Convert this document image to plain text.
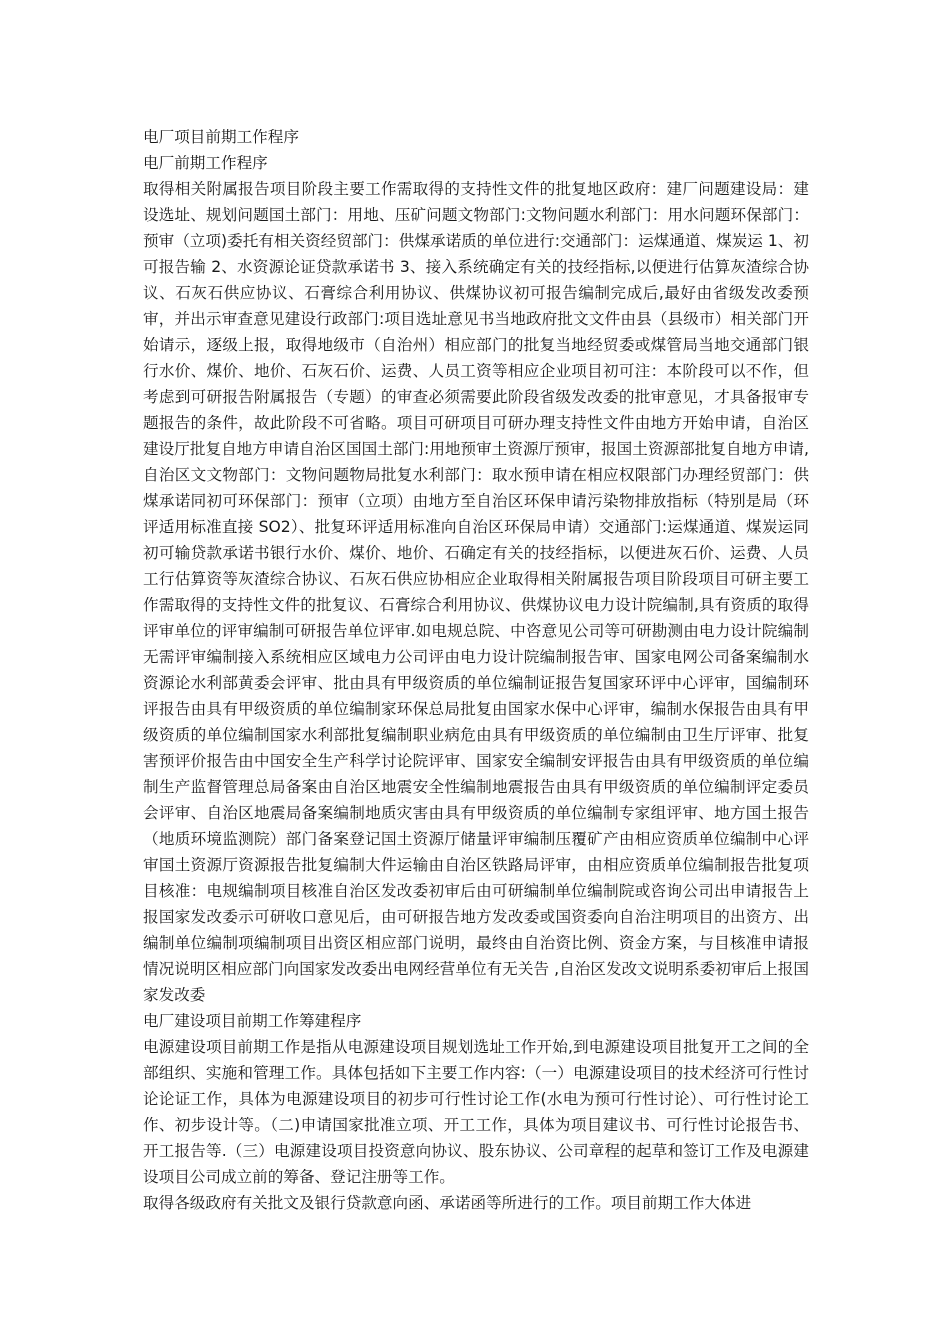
电厂项目前期工作程序
电厂前期工作程序

取得相关附属报告项目阶段主要工作需取得的支持性文件的批复地区政府：建厂问题建设局：建设选址、规划问题国土部门：用地、压矿问题文物部门:文物问题水利部门：用水问题环保部门：预审（立项)委托有相关资经贸部门：供煤承诺质的单位进行:交通部门：运煤通道、煤炭运 1、初可报告输 2、水资源论证贷款承诺书 3、接入系统确定有关的技经指标,以便进行估算灰渣综合协议、石灰石供应协议、石膏综合利用协议、供煤协议初可报告编制完成后,最好由省级发改委预审，并出示审查意见建设行政部门:项目选址意见书当地政府批文文件由县（县级市）相关部门开始请示，逐级上报，取得地级市（自治州）相应部门的批复当地经贸委或煤管局当地交通部门银行水价、煤价、地价、石灰石价、运费、人员工资等相应企业项目初可注：本阶段可以不作，但考虑到可研报告附属报告（专题）的审查必须需要此阶段省级发改委的批审意见，才具备报审专题报告的条件，故此阶段不可省略。项目可研项目可研办理支持性文件由地方开始申请，自治区建设厅批复自地方申请自治区国国土部门:用地预审土资源厅预审，报国土资源部批复自地方申请,自治区文文物部门：文物问题物局批复水利部门：取水预申请在相应权限部门办理经贸部门：供煤承诺同初可环保部门：预审（立项）由地方至自治区环保申请污染物排放指标（特别是局（环评适用标准直接 SO2）、批复环评适用标准向自治区环保局申请）交通部门:运煤通道、煤炭运同初可输贷款承诺书银行水价、煤价、地价、石确定有关的技经指标，以便进灰石价、运费、人员工行估算资等灰渣综合协议、石灰石供应协相应企业取得相关附属报告项目阶段项目可研主要工作需取得的支持性文件的批复议、石膏综合利用协议、供煤协议电力设计院编制,具有资质的取得评审单位的评审编制可研报告单位评审.如电规总院、中咨意见公司等可研勘测由电力设计院编制无需评审编制接入系统相应区域电力公司评由电力设计院编制报告审、国家电网公司备案编制水资源论水利部黄委会评审、批由具有甲级资质的单位编制证报告复国家环评中心评审，国编制环评报告由具有甲级资质的单位编制家环保总局批复由国家水保中心评审，编制水保报告由具有甲级资质的单位编制国家水利部批复编制职业病危由具有甲级资质的单位编制由卫生厅评审、批复害预评价报告由中国安全生产科学讨论院评审、国家安全编制安评报告由具有甲级资质的单位编制生产监督管理总局备案由自治区地震安全性编制地震报告由具有甲级资质的单位编制评定委员会评审、自治区地震局备案编制地质灾害由具有甲级资质的单位编制专家组评审、地方国土报告（地质环境监测院）部门备案登记国土资源厅储量评审编制压覆矿产由相应资质单位编制中心评审国土资源厅资源报告批复编制大件运输由自治区铁路局评审，由相应资质单位编制报告批复项目核准：电规编制项目核准自治区发改委初审后由可研编制单位编制院或咨询公司出申请报告上报国家发改委示可研收口意见后，由可研报告地方发改委或国资委向自治注明项目的出资方、出编制单位编制项编制项目出资区相应部门说明，最终由自治资比例、资金方案，与目核准申请报情况说明区相应部门向国家发改委出电网经营单位有无关告 ,自治区发改文说明系委初审后上报国家发改委

电厂建设项目前期工作筹建程序

电源建设项目前期工作是指从电源建设项目规划选址工作开始,到电源建设项目批复开工之间的全部组织、实施和管理工作。具体包括如下主要工作内容:（一）电源建设项目的技术经济可行性讨论论证工作，具体为电源建设项目的初步可行性讨论工作(水电为预可行性讨论）、可行性讨论工作、初步设计等。（二)申请国家批准立项、开工工作，具体为项目建议书、可行性讨论报告书、开工报告等.（三）电源建设项目投资意向协议、股东协议、公司章程的起草和签订工作及电源建设项目公司成立前的筹备、登记注册等工作。

取得各级政府有关批文及银行贷款意向函、承诺函等所进行的工作。项目前期工作大体进
